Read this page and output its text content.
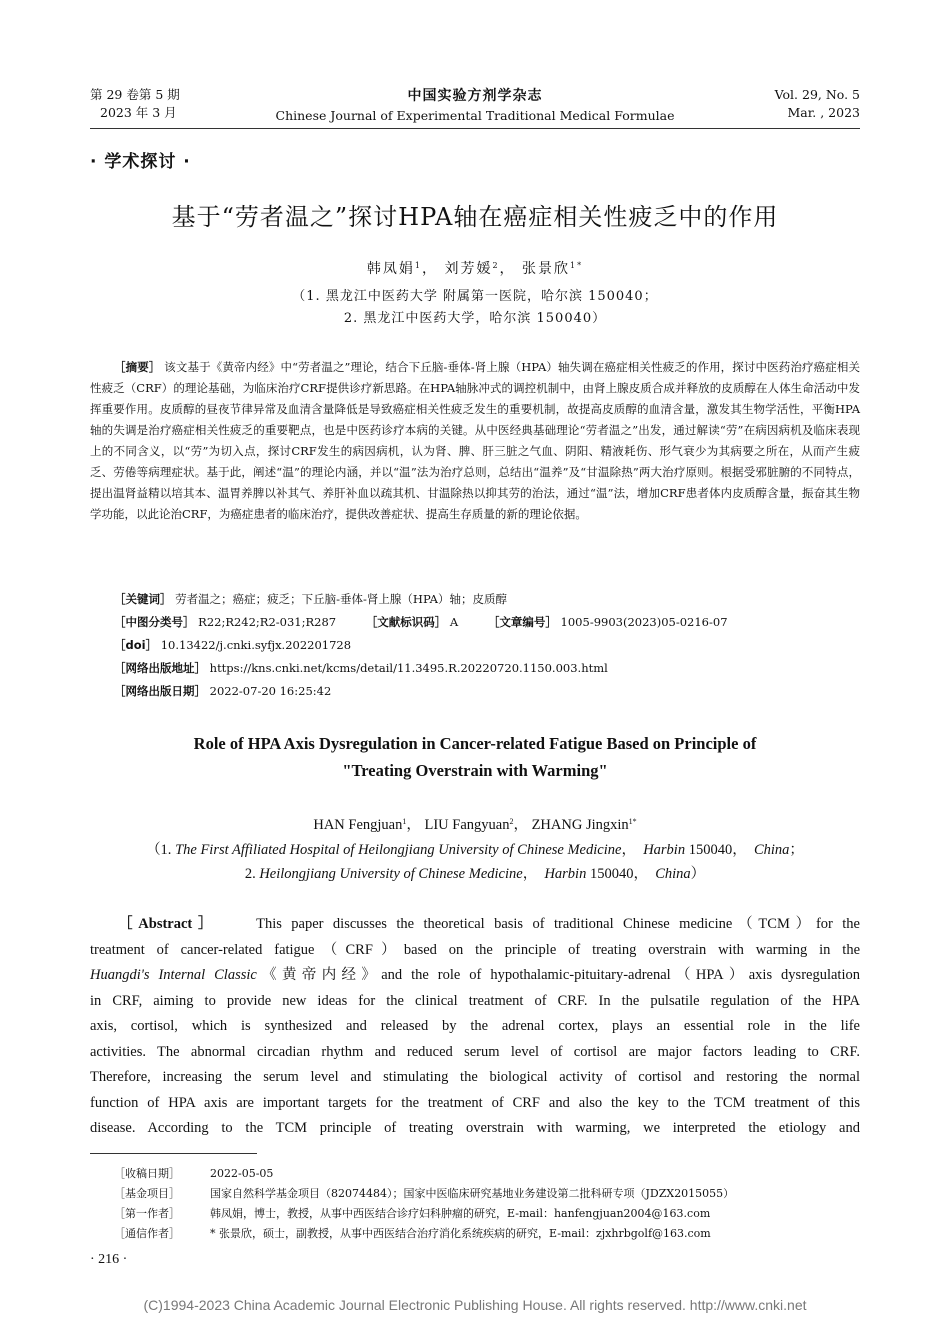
第 29 卷第 5 期
2023 年 3 月
中国实验方剂学杂志
Chinese Journal of Experimental Traditional Medical Formulae
Vol. 29, No. 5
Mar. , 2023
· 学术探讨 ·
基于“劳者温之”探讨HPA轴在癌症相关性疲乏中的作用
韩凤娟$^1$， 刘芳媛$^2$， 张景欣$^{1*}$
（1. 黑龙江中医药大学 附属第一医院，哈尔滨 150040；
2. 黑龙江中医药大学，哈尔滨 150040）
［摘要］ 该文基于《黄帝内经》中“劳者温之”理论，结合下丘脑-垂体-肾上腺（HPA）轴失调在癌症相关性疲乏的作用，探讨中医药治疗癌症相关性疲乏（CRF）的理论基础，为临床治疗CRF提供诊疗新思路。在HPA轴脉冲式的调控机制中，由肾上腺皮质合成并释放的皮质醇在人体生命活动中发挥重要作用。皮质醇的昼夜节律异常及血清含量降低是导致癌症相关性疲乏发生的重要机制，故提高皮质醇的血清含量，激发其生物学活性，平衡HPA轴的失调是治疗癌症相关性疲乏的重要靶点，也是中医药诊疗本病的关键。从中医经典基础理论“劳者温之”出发，通过解读“劳”在病因病机及临床表现上的不同含义，以“劳”为切入点，探讨CRF发生的病因病机，认为肾、脾、肝三脏之气血、阴阳、精液耗伤、形气衰少为其病要之所在，从而产生疲乏、劳倦等病理症状。基于此，阐述“温”的理论内涵，并以“温”法为治疗总则，总结出“温养”及“甘温除热”两大治疗原则。根据受邪脏腑的不同特点，提出温肾益精以培其本、温胃养脾以补其气、养肝补血以疏其机、甘温除热以抑其劳的治法，通过“温”法，增加CRF患者体内皮质醇含量，振奋其生物学功能，以此论治CRF，为癌症患者的临床治疗，提供改善症状、提高生存质量的新的理论依据。
［关键词］ 劳者温之；癌症；疲乏；下丘脑-垂体-肾上腺（HPA）轴；皮质醇
［中图分类号］ R22;R242;R2-031;R287	［文献标识码］ A	［文章编号］ 1005-9903(2023)05-0216-07
［doi］ 10.13422/j.cnki.syfjx.202201728
［网络出版地址］ https://kns.cnki.net/kcms/detail/11.3495.R.20220720.1150.003.html
［网络出版日期］ 2022-07-20 16:25:42
Role of HPA Axis Dysregulation in Cancer-related Fatigue Based on Principle of
"Treating Overstrain with Warming"
HAN Fengjuan$^1$， LIU Fangyuan$^2$， ZHANG Jingxin$^{1*}$
（1. The First Affiliated Hospital of Heilongjiang University of Chinese Medicine，  Harbin 150040， China；
2. Heilongjiang University of Chinese Medicine，  Harbin 150040， China）
［Abstract］	This paper discusses the theoretical basis of traditional Chinese medicine（TCM）for the
treatment of cancer-related fatigue（CRF）based on the principle of treating overstrain with warming in the
Huangdi's Internal Classic《黄帝内经》and the role of hypothalamic-pituitary-adrenal（HPA）axis dysregulation
in CRF, aiming to provide new ideas for the clinical treatment of CRF. In the pulsatile regulation of the HPA
axis, cortisol, which is synthesized and released by the adrenal cortex, plays an essential role in the life
activities. The abnormal circadian rhythm and reduced serum level of cortisol are major factors leading to CRF.
Therefore, increasing the serum level and stimulating the biological activity of cortisol and restoring the normal
function of HPA axis are important targets for the treatment of CRF and also the key to the TCM treatment of this
disease. According to the TCM principle of treating overstrain with warming, we interpreted the etiology and
［收稿日期］	2022-05-05
［基金项目］	国家自然科学基金项目（82074484）；国家中医临床研究基地业务建设第二批科研专项（JDZX2015055）
［第一作者］	韩凤娟，博士，教授，从事中西医结合诊疗妇科肿瘤的研究，E-mail：hanfengjuan2004@163.com
［通信作者］	* 张景欣，硕士，副教授，从事中西医结合治疗消化系统疾病的研究，E-mail：zjxhrbgolf@163.com
· 216 ·
(C)1994-2023 China Academic Journal Electronic Publishing House. All rights reserved. http://www.cnki.net
